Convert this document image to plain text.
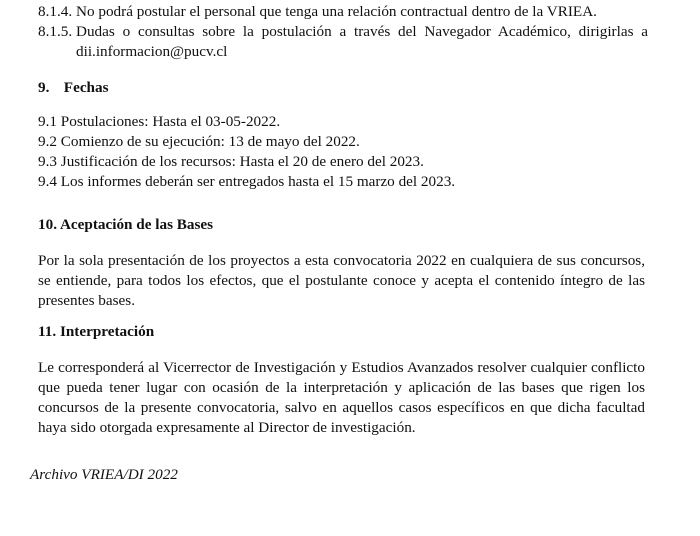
8.1.4. No podrá postular el personal que tenga una relación contractual dentro de la VRIEA.
8.1.5. Dudas o consultas sobre la postulación a través del Navegador Académico, dirigirlas a dii.informacion@pucv.cl
9. Fechas
9.1 Postulaciones: Hasta el 03-05-2022.
9.2 Comienzo de su ejecución: 13 de mayo del 2022.
9.3 Justificación de los recursos: Hasta el 20 de enero del 2023.
9.4 Los informes deberán ser entregados hasta el 15 marzo del 2023.
10. Aceptación de las Bases

Por la sola presentación de los proyectos a esta convocatoria 2022 en cualquiera de sus concursos, se entiende, para todos los efectos, que el postulante conoce y acepta el contenido íntegro de las presentes bases.

11. Interpretación

Le corresponderá al Vicerrector de Investigación y Estudios Avanzados resolver cualquier conflicto que pueda tener lugar con ocasión de la interpretación y aplicación de las bases que rigen los concursos de la presente convocatoria, salvo en aquellos casos específicos en que dicha facultad haya sido otorgada expresamente al Director de investigación.

Archivo VRIEA/DI 2022
